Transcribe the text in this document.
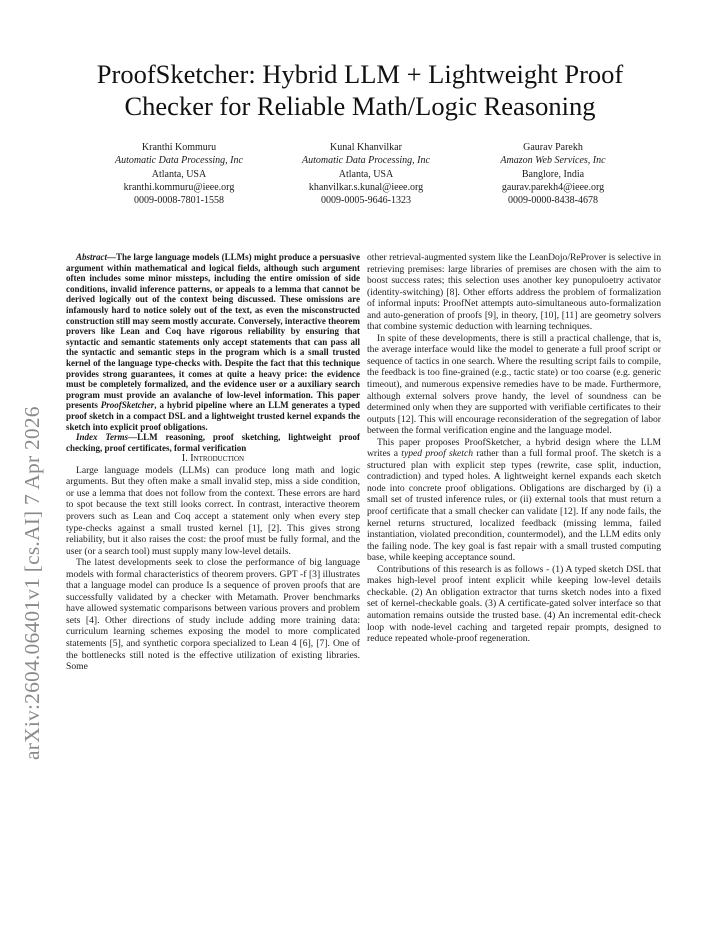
arXiv:2604.06401v1 [cs.AI] 7 Apr 2026
ProofSketcher: Hybrid LLM + Lightweight Proof Checker for Reliable Math/Logic Reasoning
Kranthi Kommuru
Automatic Data Processing, Inc
Atlanta, USA
kranthi.kommuru@ieee.org
0009-0008-7801-1558
Kunal Khanvilkar
Automatic Data Processing, Inc
Atlanta, USA
khanvilkar.s.kunal@ieee.org
0009-0005-9646-1323
Gaurav Parekh
Amazon Web Services, Inc
Banglore, India
gaurav.parekh4@ieee.org
0009-0000-8438-4678

Abstract—The large language models (LLMs) might produce a persuasive argument within mathematical and logical fields, although such argument often includes some minor missteps, including the entire omission of side conditions, invalid inference patterns, or appeals to a lemma that cannot be derived logically out of the context being discussed. These omissions are infamously hard to notice solely out of the text, as even the misconstructed construction still may seem mostly accurate. Conversely, interactive theorem provers like Lean and Coq have rigorous reliability by ensuring that syntactic and semantic statements only accept statements that can pass all the syntactic and semantic steps in the program which is a small trusted kernel of the language type-checks with. Despite the fact that this technique provides strong guarantees, it comes at quite a heavy price: the evidence must be completely formalized, and the evidence user or a auxiliary search program must provide an avalanche of low-level information. This paper presents ProofSketcher, a hybrid pipeline where an LLM generates a typed proof sketch in a compact DSL and a lightweight trusted kernel expands the sketch into explicit proof obligations.

Index Terms—LLM reasoning, proof sketching, lightweight proof checking, proof certificates, formal verification

I. Introduction

Large language models (LLMs) can produce long math and logic arguments. But they often make a small invalid step, miss a side condition, or use a lemma that does not follow from the context. These errors are hard to spot because the text still looks correct. In contrast, interactive theorem provers such as Lean and Coq accept a statement only when every step type-checks against a small trusted kernel [1], [2]. This gives strong reliability, but it also raises the cost: the proof must be fully formal, and the user (or a search tool) must supply many low-level details.

The latest developments seek to close the performance of big language models with formal characteristics of theorem provers. GPT -f [3] illustrates that a language model can produce Is a sequence of proven proofs that are successfully validated by a checker with Metamath. Prover benchmarks have allowed systematic comparisons between various provers and problem sets [4]. Other directions of study include adding more training data: curriculum learning schemes exposing the model to more complicated statements [5], and synthetic corpora specialized to Lean 4 [6], [7]. One of the bottlenecks still noted is the effective utilization of existing libraries. Some

other retrieval-augmented system like the LeanDojo/ReProver is selective in retrieving premises: large libraries of premises are chosen with the aim to boost success rates; this selection uses another key punopuloetry activator (identity-switching) [8]. Other efforts address the problem of formalization of informal inputs: ProofNet attempts auto-simultaneous auto-formalization and auto-generation of proofs [9], in theory, [10], [11] are geometry solvers that combine systemic deduction with learning techniques.

In spite of these developments, there is still a practical challenge, that is, the average interface would like the model to generate a full proof script or sequence of tactics in one search. Where the resulting script fails to compile, the feedback is too fine-grained (e.g., tactic state) or too coarse (e.g. generic timeout), and numerous expensive remedies have to be made. Furthermore, although external solvers prove handy, the level of soundness can be determined only when they are supported with verifiable certificates to their outputs [12]. This will encourage reconsideration of the segregation of labor between the formal verification engine and the language model.

This paper proposes ProofSketcher, a hybrid design where the LLM writes a typed proof sketch rather than a full formal proof. The sketch is a structured plan with explicit step types (rewrite, case split, induction, contradiction) and typed holes. A lightweight kernel expands each sketch node into concrete proof obligations. Obligations are discharged by (i) a small set of trusted inference rules, or (ii) external tools that must return a proof certificate that a small checker can validate [12]. If any node fails, the kernel returns structured, localized feedback (missing lemma, failed instantiation, violated precondition, countermodel), and the LLM edits only the failing node. The key goal is fast repair with a small trusted computing base, while keeping acceptance sound.

Contributions of this research is as follows - (1) A typed sketch DSL that makes high-level proof intent explicit while keeping low-level details checkable. (2) An obligation extractor that turns sketch nodes into a fixed set of kernel-checkable goals. (3) A certificate-gated solver interface so that automation remains outside the trusted base. (4) An incremental edit-check loop with node-level caching and targeted repair prompts, designed to reduce repeated whole-proof regeneration.
